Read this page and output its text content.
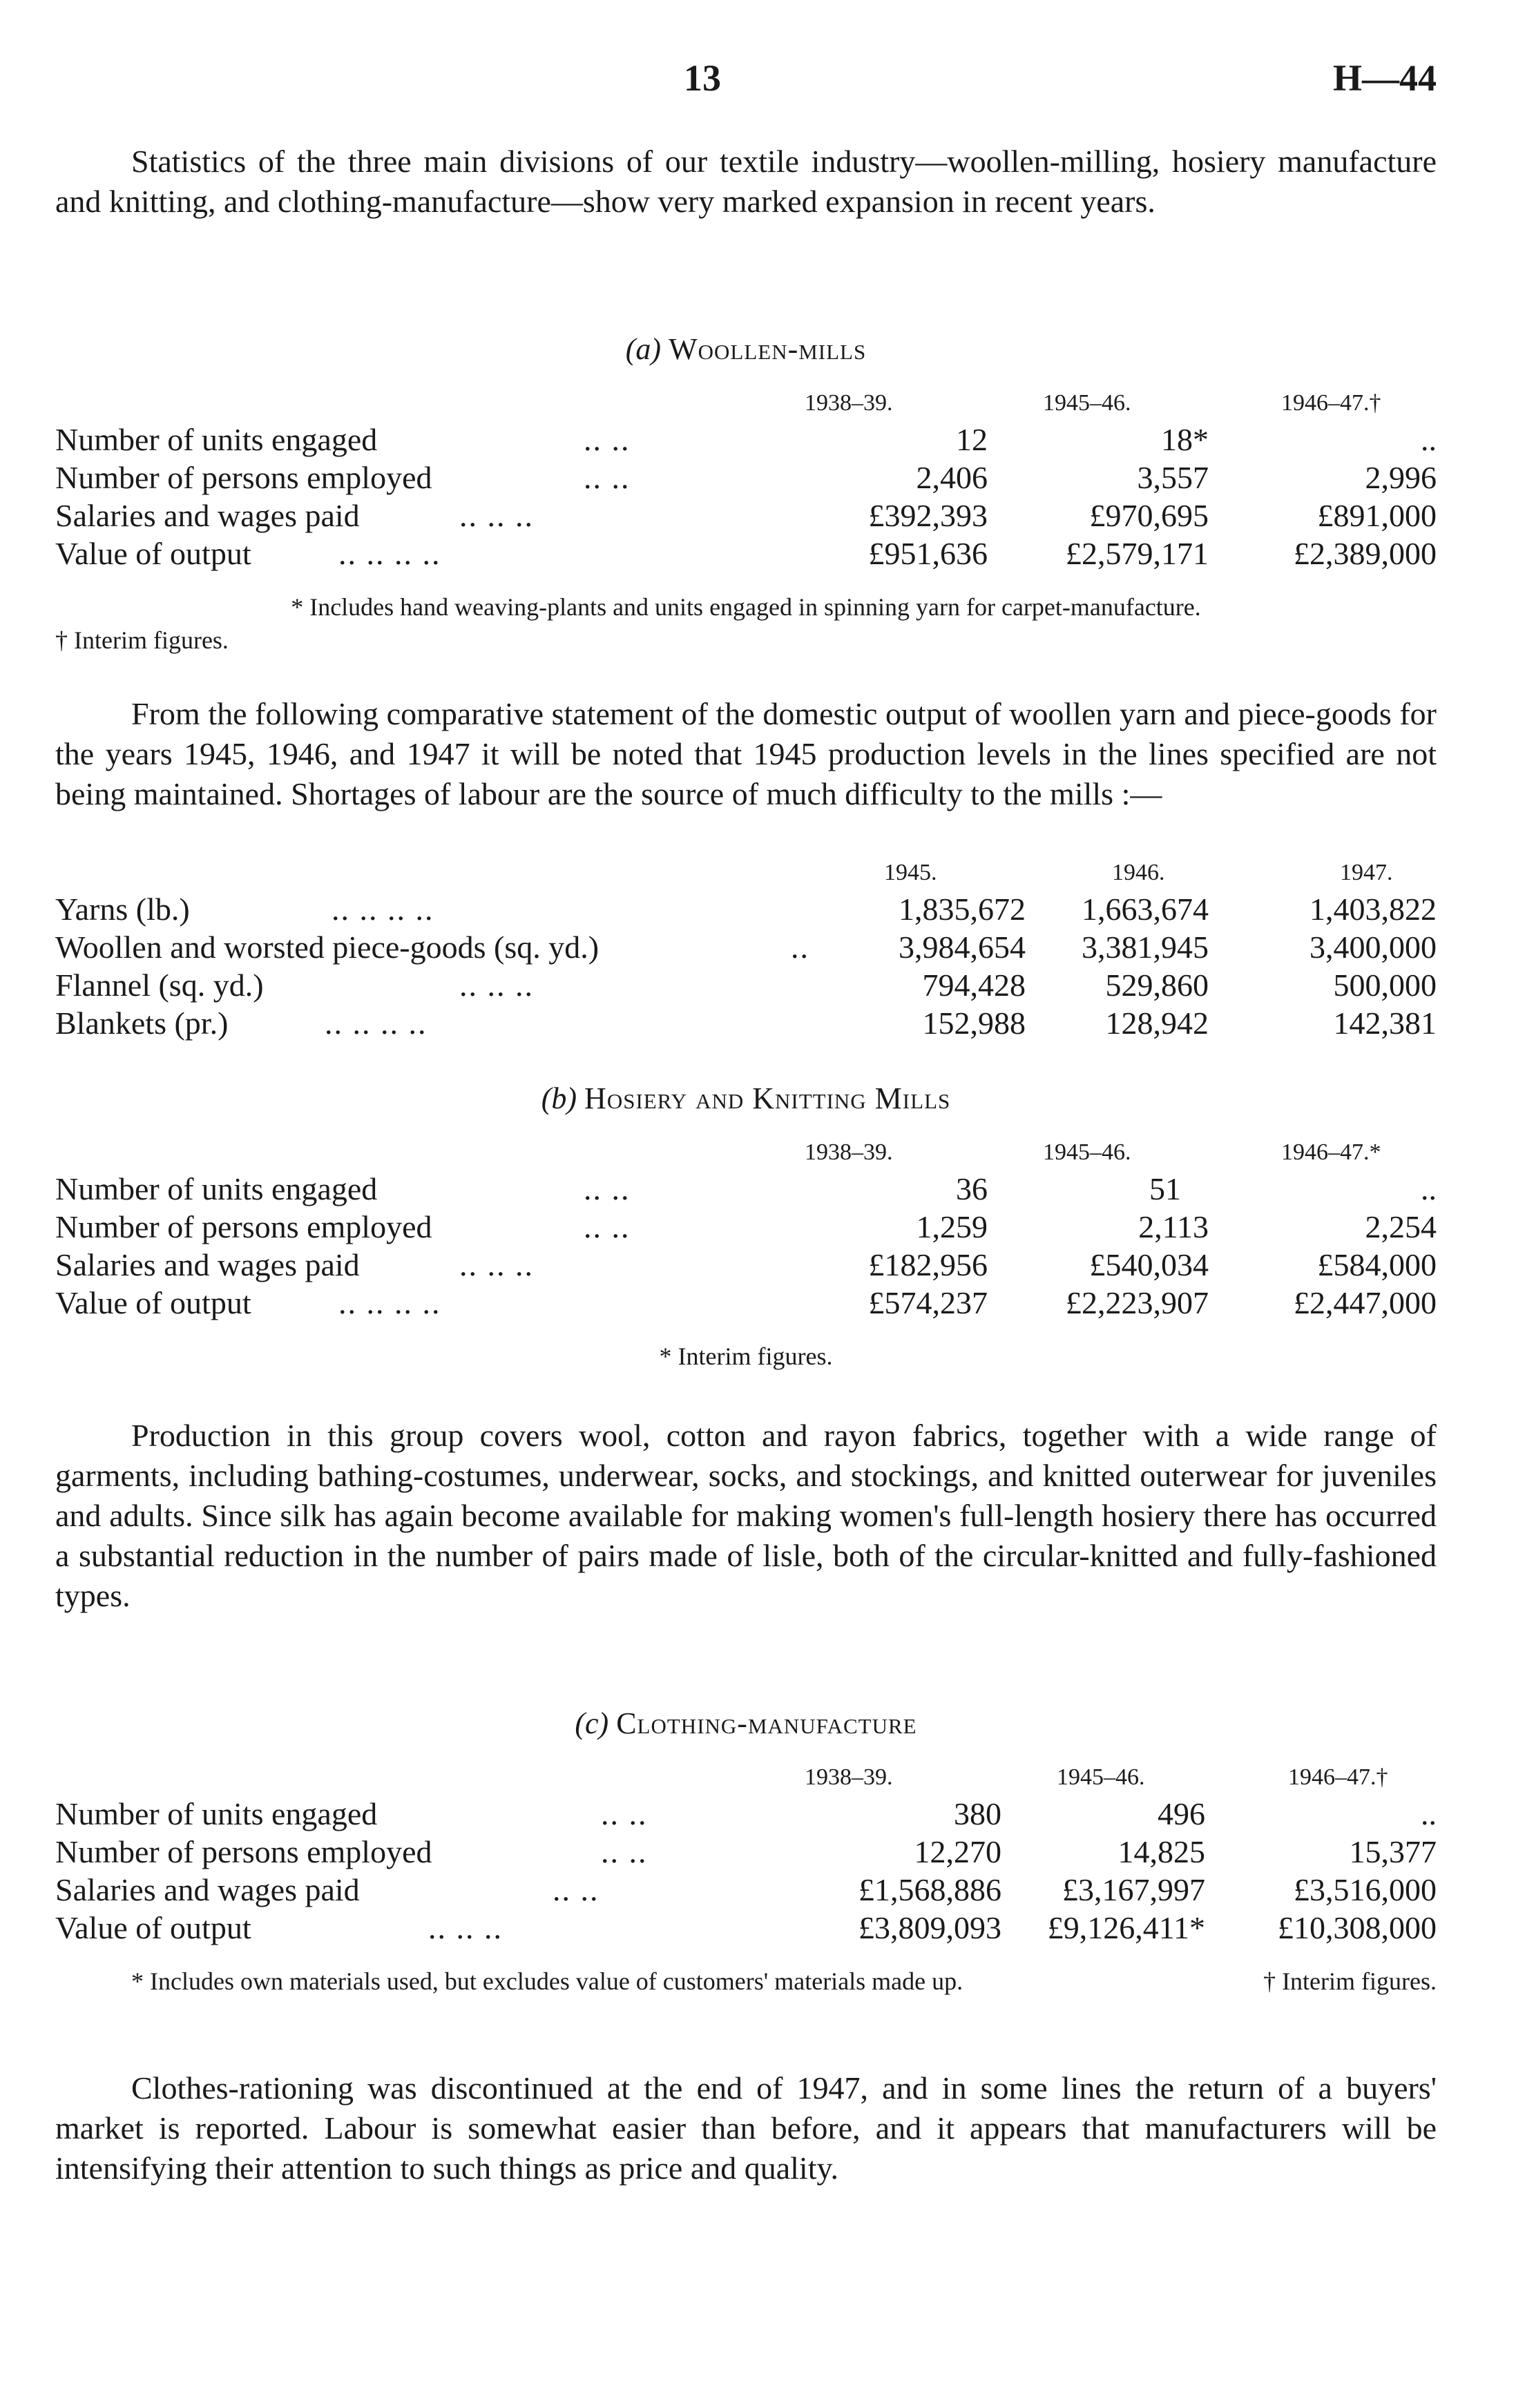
13	H—44

Statistics of the three main divisions of our textile industry—woollen-milling, hosiery manufacture and knitting, and clothing-manufacture—show very marked expansion in recent years.

(a) Woollen-mills
1938–39.	1945–46.	1946–47.†
Number of units engaged	.. ..	12	18*	..
Number of persons employed	.. ..	2,406	3,557	2,996
Salaries and wages paid	.. .. ..	£392,393	£970,695	£891,000
Value of output	.. .. .. ..	£951,636 £2,579,171	£2,389,000

* Includes hand weaving-plants and units engaged in spinning yarn for carpet-manufacture.

† Interim figures.

From the following comparative statement of the domestic output of woollen yarn and piece-goods for the years 1945, 1946, and 1947 it will be noted that 1945 production levels in the lines specified are not being maintained. Shortages of labour are the source of much difficulty to the mills :—

1945.	1946.	1947.
Yarns (lb.)	.. .. .. ..	1,835,672 1,663,674	1,403,822
Woollen and worsted piece-goods (sq. yd.)	..	3,984,654 3,381,945	3,400,000
Flannel (sq. yd.)	.. .. ..	794,428	529,860	500,000
Blankets (pr.)	.. .. .. ..	152,988	128,942	142,381
(b) Hosiery and Knitting Mills
1938–39.	1945–46.	1946–47.*
Number of units engaged	.. ..	36	51	..
Number of persons employed	.. ..	1,259	2,113	2,254
Salaries and wages paid	.. .. ..	£182,956	£540,034	£584,000
Value of output	.. .. .. ..	£574,237 £2,223,907	£2,447,000

* Interim figures.

Production in this group covers wool, cotton and rayon fabrics, together with a wide range of garments, including bathing-costumes, underwear, socks, and stockings, and knitted outerwear for juveniles and adults. Since silk has again become available for making women's full-length hosiery there has occurred a substantial reduction in the number of pairs made of lisle, both of the circular-knitted and fully-fashioned types.

(c) Clothing-manufacture
1938–39.	1945–46.	1946–47.†
Number of units engaged	.. ..	380	496	..
Number of persons employed	.. ..	12,270	14,825	15,377
Salaries and wages paid	.. ..	£1,568,886 £3,167,997	£3,516,000
Value of output	.. .. ..	£3,809,093 £9,126,411* £10,308,000

* Includes own materials used, but excludes value of customers' materials made up.	† Interim figures.

Clothes-rationing was discontinued at the end of 1947, and in some lines the return of a buyers' market is reported. Labour is somewhat easier than before, and it appears that manufacturers will be intensifying their attention to such things as price and quality.
